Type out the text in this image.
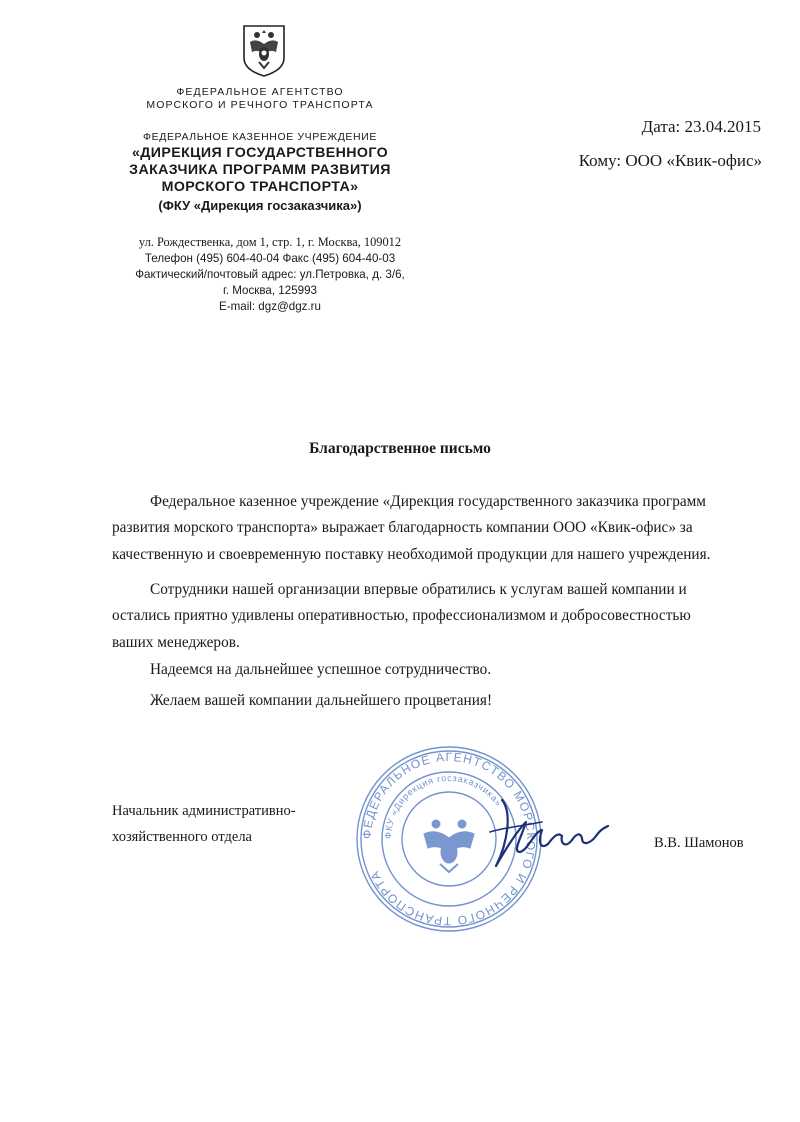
ФЕДЕРАЛЬНОЕ АГЕНТСТВО
МОРСКОГО И РЕЧНОГО ТРАНСПОРТА
ФЕДЕРАЛЬНОЕ КАЗЕННОЕ УЧРЕЖДЕНИЕ
«ДИРЕКЦИЯ ГОСУДАРСТВЕННОГО
ЗАКАЗЧИКА ПРОГРАММ РАЗВИТИЯ
МОРСКОГО ТРАНСПОРТА»
(ФКУ «Дирекция госзаказчика»)
ул. Рождественка, дом 1, стр. 1, г. Москва, 109012
Телефон (495) 604-40-04 Факс (495) 604-40-03
Фактический/почтовый адрес: ул.Петровка, д. 3/6,
г. Москва, 125993
E-mail: dgz@dgz.ru
Дата: 23.04.2015
Кому: ООО «Квик-офис»
Благодарственное письмо

Федеральное казенное учреждение «Дирекция государственного заказчика программ

развития морского транспорта» выражает благодарность компании ООО «Квик-офис» за

качественную и своевременную поставку необходимой продукции для нашего учреждения.

Сотрудники нашей организации впервые обратились к услугам вашей компании и

остались приятно удивлены оперативностью, профессионализмом и добросовестностью

ваших менеджеров.

Надеемся на дальнейшее успешное сотрудничество.

Желаем вашей компании дальнейшего процветания!

Начальник административно-
хозяйственного отдела	В.В. Шамонов
ФЕДЕРАЛЬНОЕ АГЕНТСТВО МОРСКОГО И РЕЧНОГО ТРАНСПОРТА
ФКУ «Дирекция госзаказчика»
